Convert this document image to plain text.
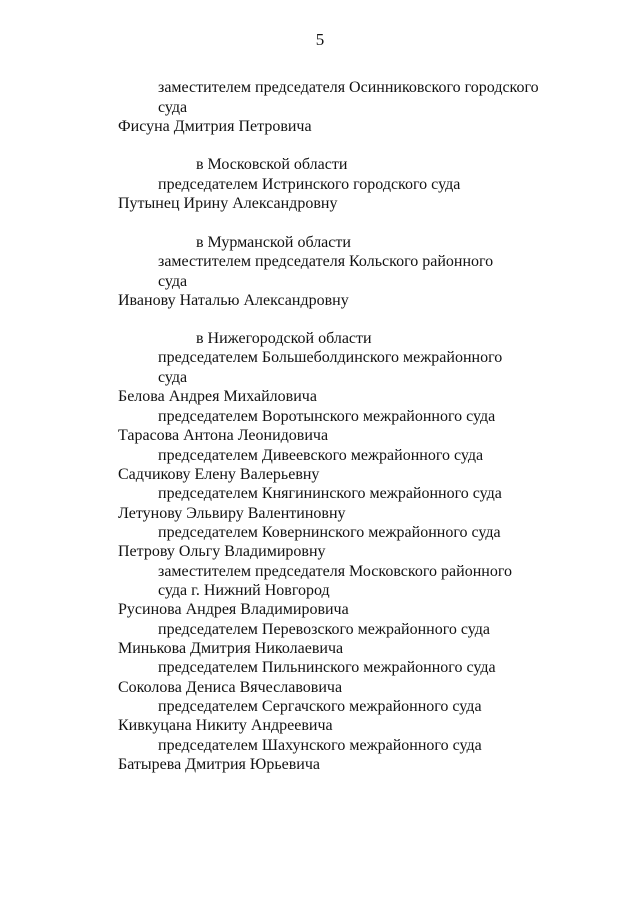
5
заместителем председателя Осинниковского городского
суда
Фисуна Дмитрия Петровича
в Московской области
председателем Истринского городского суда
Путынец Ирину Александровну
в Мурманской области
заместителем председателя Кольского районного
суда
Иванову Наталью Александровну
в Нижегородской области
председателем Большеболдинского межрайонного
суда
Белова Андрея Михайловича
председателем Воротынского межрайонного суда
Тарасова Антона Леонидовича
председателем Дивеевского межрайонного суда
Садчикову Елену Валерьевну
председателем Княгининского межрайонного суда
Летунову Эльвиру Валентиновну
председателем Ковернинского межрайонного суда
Петрову Ольгу Владимировну
заместителем председателя Московского районного
суда г. Нижний Новгород
Русинова Андрея Владимировича
председателем Перевозского межрайонного суда
Минькова Дмитрия Николаевича
председателем Пильнинского межрайонного суда
Соколова Дениса Вячеславовича
председателем Сергачского межрайонного суда
Кивкуцана Никиту Андреевича
председателем Шахунского межрайонного суда
Батырева Дмитрия Юрьевича
